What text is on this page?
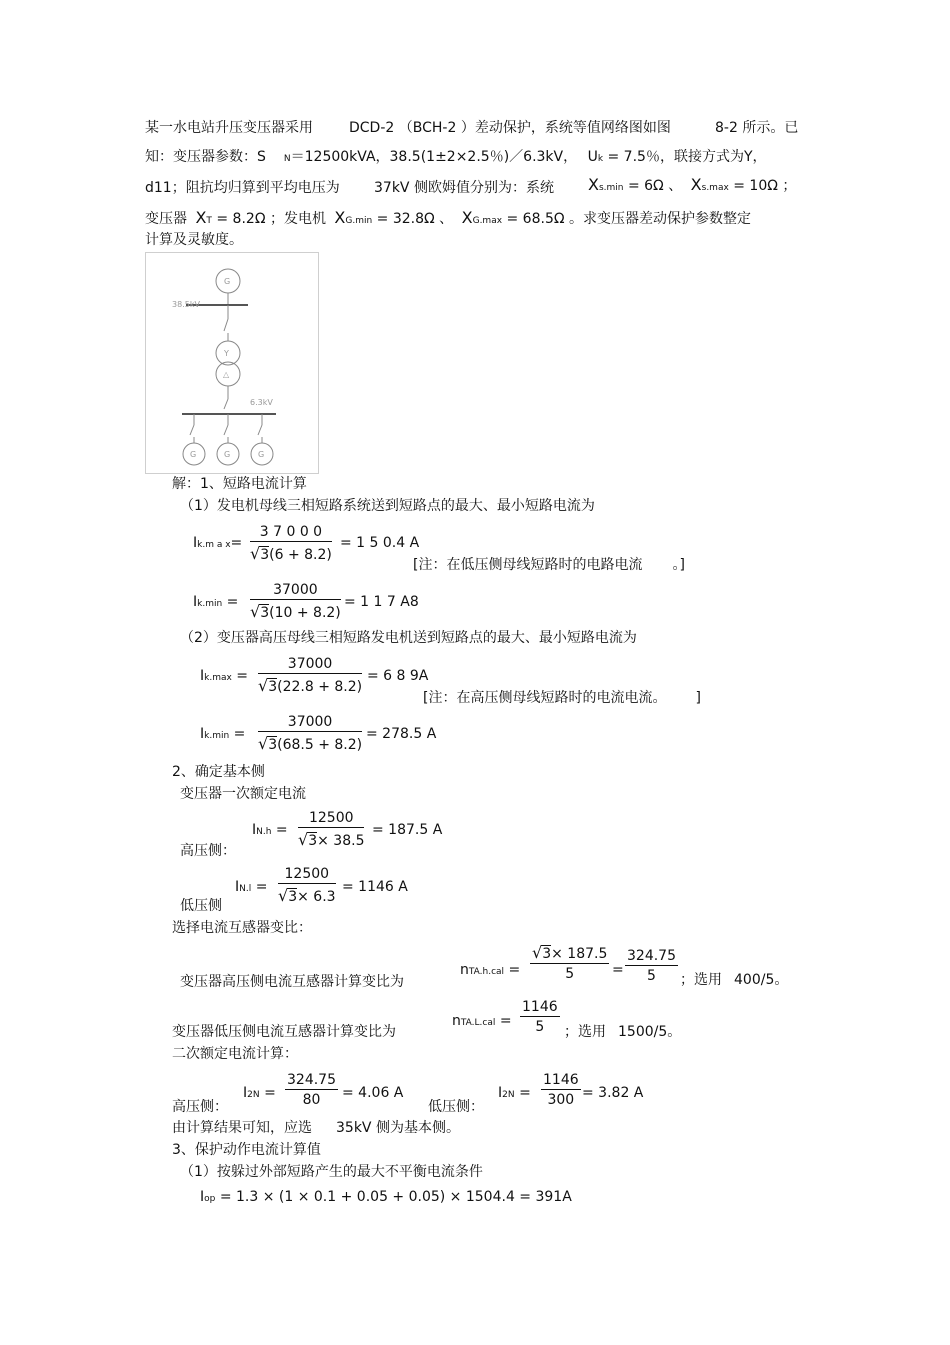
某一水电站升压变压器采用	DCD-2 （BCH-2 ）差动保护，系统等值网络图如图	8-2 所示。已
知：变压器参数：S N＝12500kVA，38.5(1±2×2.5％)／6.3kV， Uk = 7.5％，联接方式为Y，
d11；阻抗均归算到平均电压为 37kV 侧欧姆值分别为：系统 Xs.min = 6Ω 、 Xs.max = 10Ω ；
变压器 XT = 8.2Ω ；发电机 XG.min = 32.8Ω 、 XG.max = 68.5Ω 。求变压器差动保护参数整定
计算及灵敏度。
G
38.5kV
Y
△
6.3kV
G	G	G
解：1、短路电流计算
（1）发电机母线三相短路系统送到短路点的最大、最小短路电流为
Ik.m a $x= \frac{3 7 0 0 0}{√3(6 + 8.2)} = 1$ 5 0.4 A
[注：在低压侧母线短路时的电路电流 。]
$Ik.\min = \frac{37000}{√3(10 + 8.2)} = 1$ 1 7 A8
（2）变压器高压母线三相短路发电机送到短路点的最大、最小短路电流为
$Ik.\max = \frac{37000}{√3(22.8 + 8.2)} = 6$ 8 9A
[注：在高压侧母线短路时的电流电流。	]
$Ik.\min = \frac{37000}{√3(68.5 + 8.2)} = 278.5$ A
2、确定基本侧
变压器一次额定电流
高压侧：
$IN.h = \frac{12500}{√3\times 38.5} = 187.5$ A
低压侧
$IN.l = \frac{12500}{√3\times 6.3} = 1146$ A
选择电流互感器变比：
变压器高压侧电流互感器计算变比为
$nTA.h.cal = \frac{√3\times 187.5}{5} = \frac{324.75}{5}$ ；选用 400/5。
变压器低压侧电流互感器计算变比为
$nTA.L.cal = \frac{1146}{5}$ ；选用 1500/5。
二次额定电流计算：
高压侧：
$I2N = \frac{324.75}{80} = 4.06$ A
低压侧：
$I2N = \frac{1146}{300} = 3.82$ A
由计算结果可知，应选 35kV 侧为基本侧。
3、保护动作电流计算值
（1）按躲过外部短路产生的最大不平衡电流条件
Iop = 1.3 × (1 × 0.1 + 0.05 + 0.05) × 1504.4 = 391A
